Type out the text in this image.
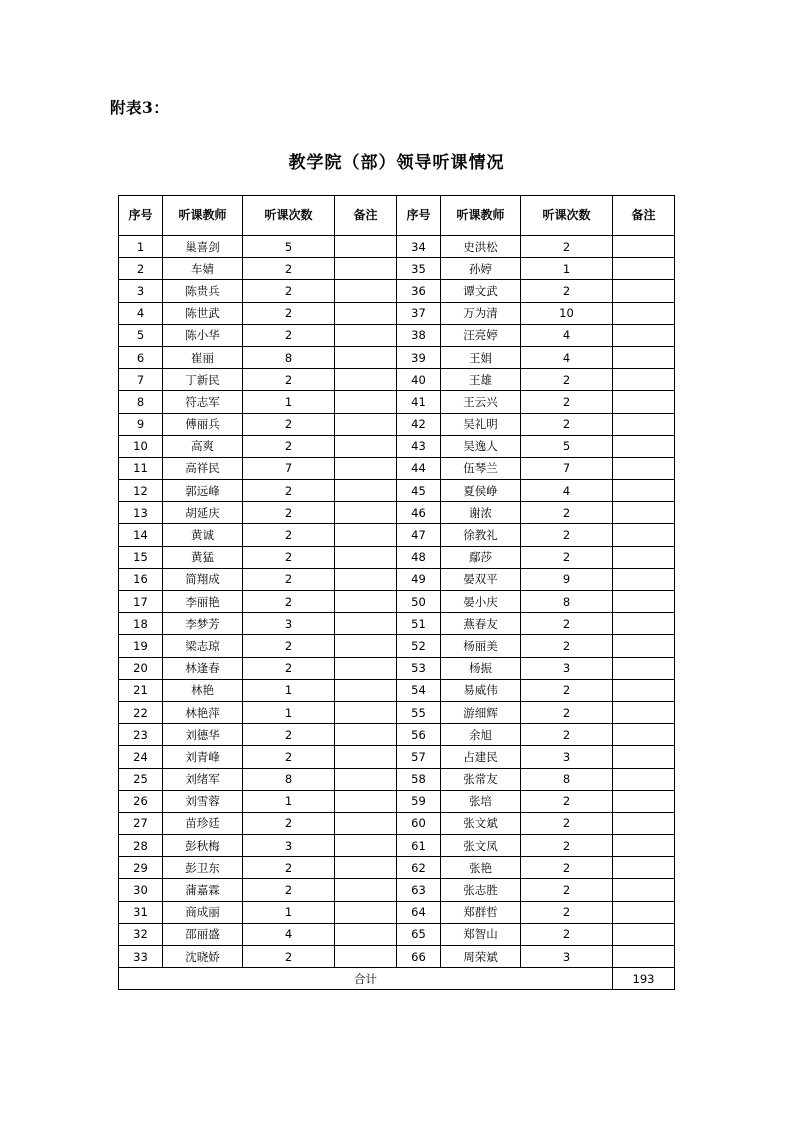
附表3：
教学院（部）领导听课情况
序号	听课教师	听课次数	备注	序号	听课教师	听课次数	备注
1	巢喜剑	5		34	史洪松	2	
2	车婧	2		35	孙婷	1	
3	陈贵兵	2		36	谭文武	2	
4	陈世武	2		37	万为清	10	
5	陈小华	2		38	汪亮婷	4	
6	崔丽	8		39	王娟	4	
7	丁新民	2		40	王雄	2	
8	符志军	1		41	王云兴	2	
9	傅丽兵	2		42	吴礼明	2	
10	高爽	2		43	吴逸人	5	
11	高祥民	7		44	伍琴兰	7	
12	郭远峰	2		45	夏侯峥	4	
13	胡延庆	2		46	谢浓	2	
14	黄诚	2		47	徐教礼	2	
15	黄猛	2		48	鄢莎	2	
16	简翔成	2		49	晏双平	9	
17	李丽艳	2		50	晏小庆	8	
18	李梦芳	3		51	燕春友	2	
19	梁志琼	2		52	杨丽美	2	
20	林逢春	2		53	杨振	3	
21	林艳	1		54	易威伟	2	
22	林艳萍	1		55	游细辉	2	
23	刘德华	2		56	余旭	2	
24	刘青峰	2		57	占建民	3	
25	刘绪军	8		58	张常友	8	
26	刘雪蓉	1		59	张培	2	
27	苗珍廷	2		60	张文斌	2	
28	彭秋梅	3		61	张文凤	2	
29	彭卫东	2		62	张艳	2	
30	蒲嘉霖	2		63	张志胜	2	
31	商成丽	1		64	郑群哲	2	
32	邵丽盛	4		65	郑智山	2	
33	沈晓娇	2		66	周荣斌	3	
合计							193
